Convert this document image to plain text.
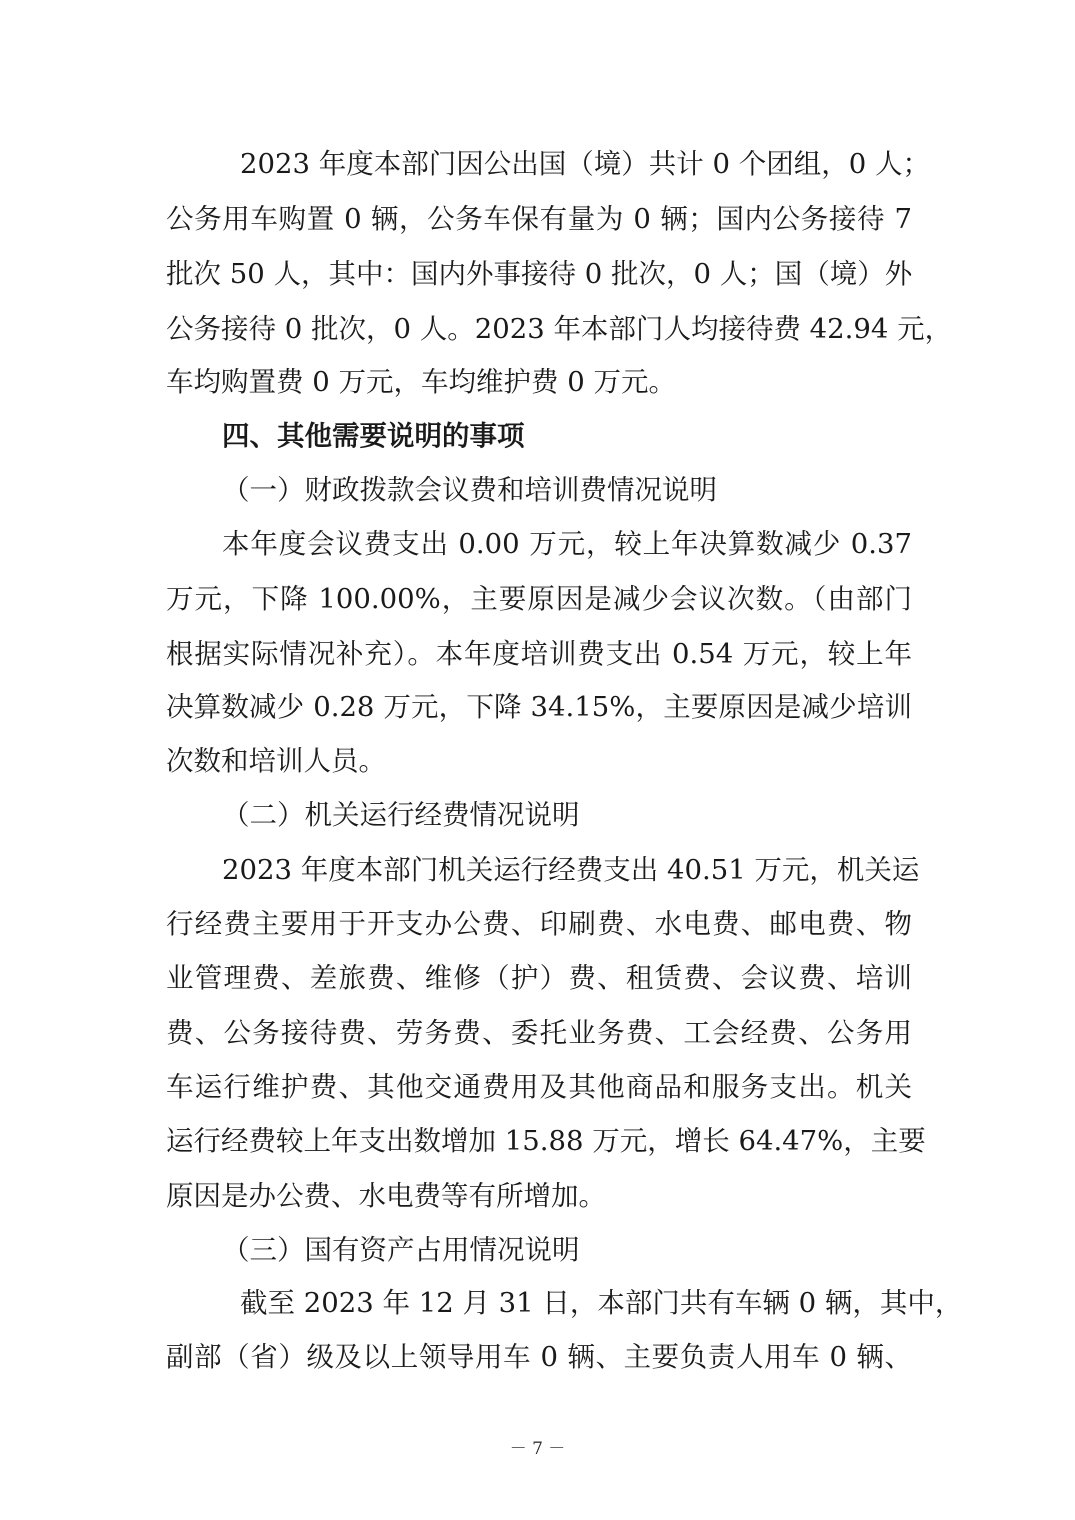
2023 年度本部门因公出国（境）共计 0 个团组，0 人；
公务用车购置 0 辆，公务车保有量为 0 辆；国内公务接待 7
批次 50 人，其中：国内外事接待 0 批次，0 人；国（境）外
公务接待 0 批次，0 人。2023 年本部门人均接待费 42.94 元，
车均购置费 0 万元，车均维护费 0 万元。
四、其他需要说明的事项
（一）财政拨款会议费和培训费情况说明
本年度会议费支出 0.00 万元，较上年决算数减少 0.37
万元，下降 100.00%，主要原因是减少会议次数。（由部门
根据实际情况补充）。本年度培训费支出 0.54 万元，较上年
决算数减少 0.28 万元，下降 34.15%，主要原因是减少培训
次数和培训人员。
（二）机关运行经费情况说明
2023 年度本部门机关运行经费支出 40.51 万元，机关运
行经费主要用于开支办公费、印刷费、水电费、邮电费、物
业管理费、差旅费、维修（护）费、租赁费、会议费、培训
费、公务接待费、劳务费、委托业务费、工会经费、公务用
车运行维护费、其他交通费用及其他商品和服务支出。机关
运行经费较上年支出数增加 15.88 万元，增长 64.47%，主要
原因是办公费、水电费等有所增加。
（三）国有资产占用情况说明
截至 2023 年 12 月 31 日，本部门共有车辆 0 辆，其中，
副部（省）级及以上领导用车 0 辆、主要负责人用车 0 辆、
－ 7 －
